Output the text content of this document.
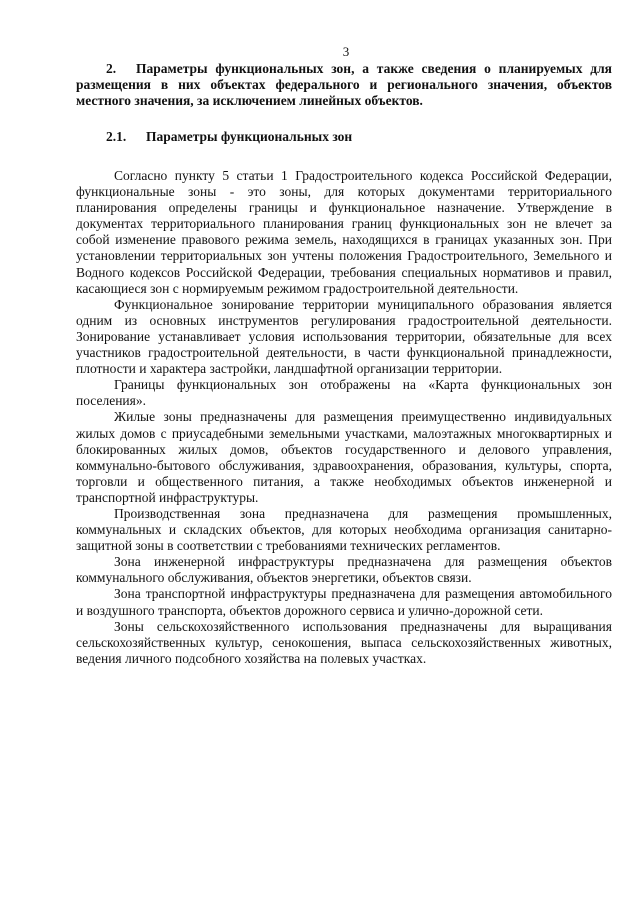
3

2. Параметры функциональных зон, а также сведения о планируемых для размещения в них объектах федерального и регионального значения, объектов местного значения, за исключением линейных объектов.

2.1. Параметры функциональных зон

Согласно пункту 5 статьи 1 Градостроительного кодекса Российской Федерации, функциональные зоны - это зоны, для которых документами территориального планирования определены границы и функциональное назначение. Утверждение в документах территориального планирования границ функциональных зон не влечет за собой изменение правового режима земель, находящихся в границах указанных зон. При установлении территориальных зон учтены положения Градостроительного, Земельного и Водного кодексов Российской Федерации, требования специальных нормативов и правил, касающиеся зон с нормируемым режимом градостроительной деятельности.

Функциональное зонирование территории муниципального образования является одним из основных инструментов регулирования градостроительной деятельности. Зонирование устанавливает условия использования территории, обязательные для всех участников градостроительной деятельности, в части функциональной принадлежности, плотности и характера застройки, ландшафтной организации территории.

Границы функциональных зон отображены на «Карта функциональных зон поселения».

Жилые зоны предназначены для размещения преимущественно индивидуальных жилых домов с приусадебными земельными участками, малоэтажных многоквартирных и блокированных жилых домов, объектов государственного и делового управления, коммунально-бытового обслуживания, здравоохранения, образования, культуры, спорта, торговли и общественного питания, а также необходимых объектов инженерной и транспортной инфраструктуры.

Производственная зона предназначена для размещения промышленных, коммунальных и складских объектов, для которых необходима организация санитарно-защитной зоны в соответствии с требованиями технических регламентов.

Зона инженерной инфраструктуры предназначена для размещения объектов коммунального обслуживания, объектов энергетики, объектов связи.

Зона транспортной инфраструктуры предназначена для размещения автомобильного и воздушного транспорта, объектов дорожного сервиса и улично-дорожной сети.

Зоны сельскохозяйственного использования предназначены для выращивания сельскохозяйственных культур, сенокошения, выпаса сельскохозяйственных животных, ведения личного подсобного хозяйства на полевых участках.
